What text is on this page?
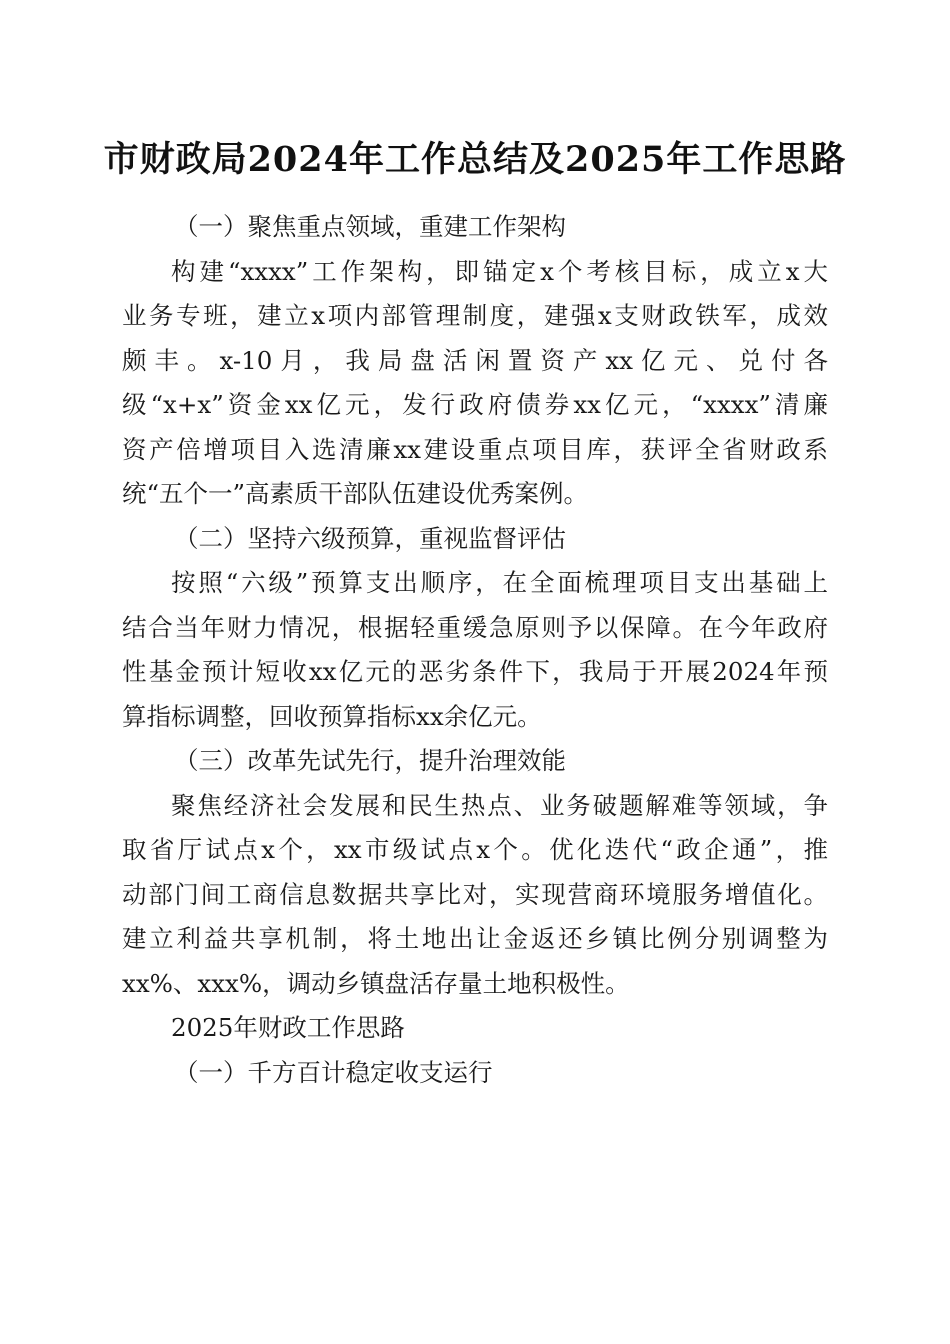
市财政局2024年工作总结及2025年工作思路

（一）聚焦重点领域，重建工作架构

构建“xxxx”工作架构，即锚定x个考核目标，成立x大
业务专班，建立x项内部管理制度，建强x支财政铁军，成效
颇丰。x-10月，我局盘活闲置资产xx亿元、兑付各
级“x+x”资金xx亿元，发行政府债券xx亿元，“xxxx”清廉
资产倍增项目入选清廉xx建设重点项目库，获评全省财政系
统“五个一”高素质干部队伍建设优秀案例。

（二）坚持六级预算，重视监督评估

按照“六级”预算支出顺序，在全面梳理项目支出基础上
结合当年财力情况，根据轻重缓急原则予以保障。在今年政府
性基金预计短收xx亿元的恶劣条件下，我局于开展2024年预
算指标调整，回收预算指标xx余亿元。

（三）改革先试先行，提升治理效能

聚焦经济社会发展和民生热点、业务破题解难等领域，争
取省厅试点x个，xx市级试点x个。优化迭代“政企通”，推
动部门间工商信息数据共享比对，实现营商环境服务增值化。
建立利益共享机制，将土地出让金返还乡镇比例分别调整为
xx%、xxx%，调动乡镇盘活存量土地积极性。

2025年财政工作思路

（一）千方百计稳定收支运行
